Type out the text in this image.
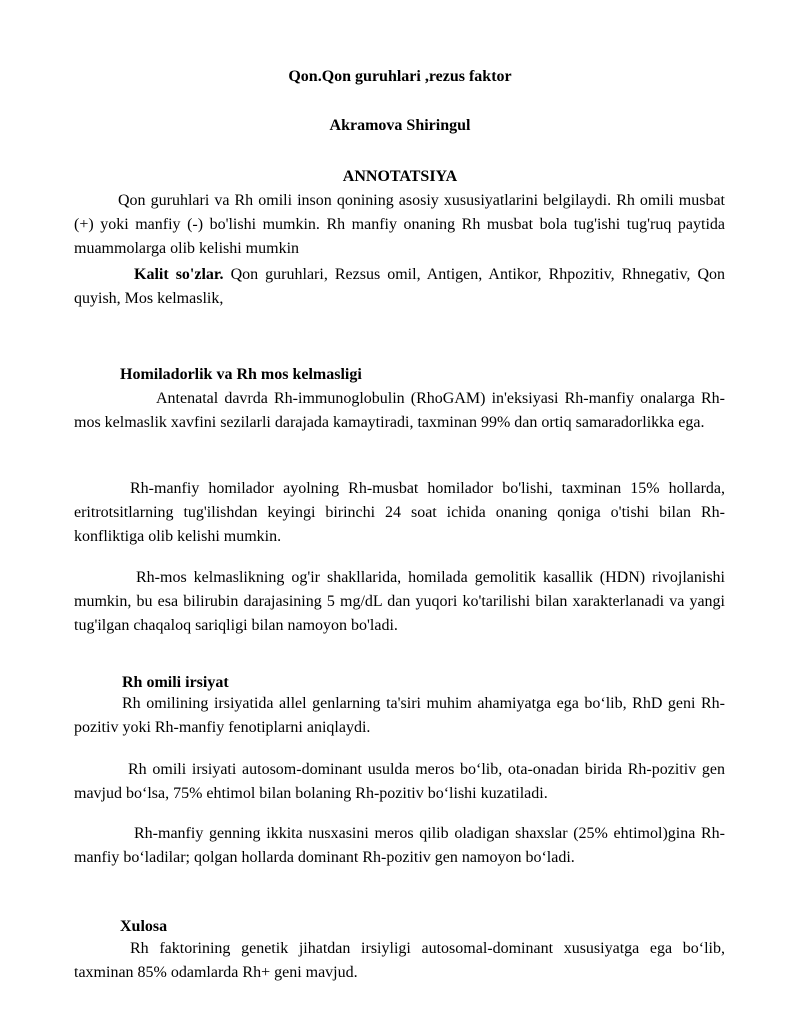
Qon.Qon guruhlari ,rezus faktor
Akramova Shiringul
ANNOTATSIYA
Qon guruhlari va Rh omili inson qonining asosiy xususiyatlarini belgilaydi. Rh omili musbat (+) yoki manfiy (-) bo'lishi mumkin. Rh manfiy onaning Rh musbat bola tug'ishi tug'ruq paytida muammolarga olib kelishi mumkin
Kalit so'zlar. Qon guruhlari, Rezsus omil, Antigen, Antikor, Rhpozitiv, Rhnegativ, Qon quyish, Mos kelmaslik,
Homiladorlik va Rh mos kelmasligi
Antenatal davrda Rh-immunoglobulin (RhoGAM) in'eksiyasi Rh-manfiy onalarga Rh-mos kelmaslik xavfini sezilarli darajada kamaytiradi, taxminan 99% dan ortiq samaradorlikka ega.
Rh-manfiy homilador ayolning Rh-musbat homilador bo'lishi, taxminan 15% hollarda, eritrotsitlarning tug'ilishdan keyingi birinchi 24 soat ichida onaning qoniga o'tishi bilan Rh-konfliktiga olib kelishi mumkin.
Rh-mos kelmaslikning og'ir shakllarida, homilada gemolitik kasallik (HDN) rivojlanishi mumkin, bu esa bilirubin darajasining 5 mg/dL dan yuqori ko'tarilishi bilan xarakterlanadi va yangi tug'ilgan chaqaloq sariqligi bilan namoyon bo'ladi.
Rh omili irsiyat
Rh omilining irsiyatida allel genlarning ta'siri muhim ahamiyatga ega bo‘lib, RhD geni Rh-pozitiv yoki Rh-manfiy fenotiplarni aniqlaydi.
Rh omili irsiyati autosom-dominant usulda meros bo‘lib, ota-onadan birida Rh-pozitiv gen mavjud bo‘lsa, 75% ehtimol bilan bolaning Rh-pozitiv bo‘lishi kuzatiladi.
Rh-manfiy genning ikkita nusxasini meros qilib oladigan shaxslar (25% ehtimol)gina Rh-manfiy bo‘ladilar; qolgan hollarda dominant Rh-pozitiv gen namoyon bo‘ladi.
Xulosa
Rh faktorining genetik jihatdan irsiyligi autosomal-dominant xususiyatga ega bo‘lib, taxminan 85% odamlarda Rh+ geni mavjud.
